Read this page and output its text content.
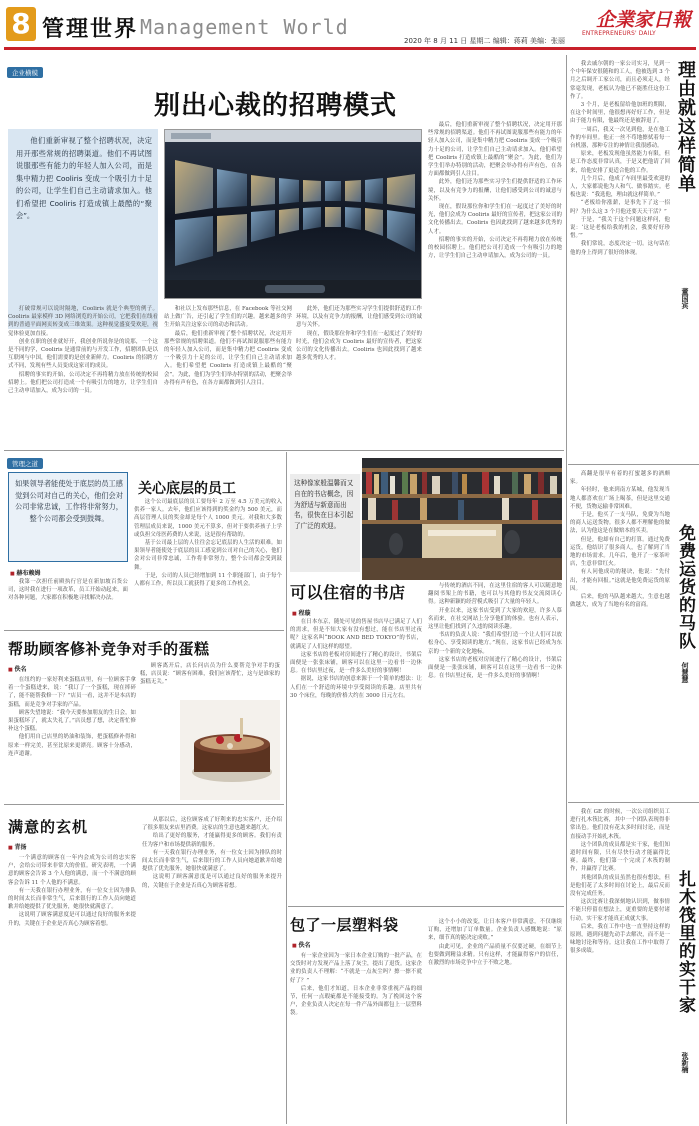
8 管理世界 Management World	企業家日報
ENTREPRENEURS' DAILY
2020 年 8 月 11 日 星期二 编辑：蒋莉 美编：张丽
企业横模
别出心裁的招聘模式
他们重新审视了整个招聘状况，决定用开那些常规的招聘渠道。他们不再试图说服那些有能力的年轻人加入公司，而是集中精力把 Cooliris 变成一个吸引力十足的公司，让学生们自己主动请求加入。他们希望把 Cooliris 打造成镇上最酷的“聚会”。

打破常规可以说时隔地，Cooliris 就是个典型的例子。Cooliris 最家模样 3D 网络浏览的开始公司，它把我们在线看到的普通平面网页转变成三维效果。这种视觉盛宴受欢迎，视觉体验更加直接。

创业在职的创业就好开，我创业所说你是的说那，一个这是不同的学，Cooliris 是通常前的与开发工作，招聘团队是以互联网与中国，他们需要的是创业新鲜力。Cooliris 的招聘方式不同，发现有些人员变成这家司的成员。

招聘的事实的开始，公司决定不再将精力放在传统的校园招聘上。他们把公司打造成一个有吸引力的地方，让学生们自己主动申请加入，成为公司的一员。

和社以上发布那些信息，在 Facebook 等社交网站上做广告，还引起了学生们的兴趣。越来越多的学生开始关注这家公司的动态和活动。

最后，他们重新审视了整个招聘状况，决定用开那些常规的招聘渠道。他们不再试图说服那些有能力的年轻人加入公司，而是集中精力把 Cooliris 变成一个吸引力十足的公司，让学生们自己主动请求加入。他们希望把 Cooliris 打造成镇上最酷的“聚会”。为此，他们为学生们举办特别的活动，把聚会举办得有声有色，在各方面都做到引人注目。

此外，他们还为那些实习学生们提供舒适的工作环境，以及有竞争力的报酬，让他们感受到公司的诚意与关怀。

现在，假设那位你和学生们在一起度过了美好的时光，他们会成为 Cooliris 最好的宣传者，把这家公司的文化传播出去。Cooliris 也因此找到了越来越多优秀的人才。

最后，他们重新审视了整个招聘状况，决定用开那些常规的招聘渠道。他们不再试图说服那些有能力的年轻人加入公司，而是集中精力把 Cooliris 变成一个吸引力十足的公司，让学生们自己主动请求加入。他们希望把 Cooliris 打造成镇上最酷的“聚会”。为此，他们为学生们举办特别的活动，把聚会举办得有声有色，在各方面都做到引人注目。

此外，他们还为那些实习学生们提供舒适的工作环境，以及有竞争力的报酬，让他们感受到公司的诚意与关怀。

现在，假设那位你和学生们在一起度过了美好的时光，他们会成为 Cooliris 最好的宣传者，把这家公司的文化传播出去。Cooliris 也因此找到了越来越多优秀的人才。

招聘的事实的开始，公司决定不再将精力放在传统的校园招聘上。他们把公司打造成一个有吸引力的地方，让学生们自己主动申请加入，成为公司的一员。

管理之道
如果领导者能使处于底层的员工感觉到公司对自己的关心，他们会对公司非常忠诚，工作将非常努力，整个公司都会受到鼓舞。
关心底层的员工
■ 赫布赖姆

我第一次担任前殿执行官是在新加坡百货公司，这时我在进行一项改革，员工开始动起来，面对各种问题，大家都在积极地寻找解决办法。

这个公司最底层的员工要每年 2 万至 4.5 万美元的收入供养一家人。去年，他们应该得到的奖金约为 500 美元，而高层管理人员的奖金却是每个人 1000 美元。对我和大多数管理层成员来说，1000 美元不算多，但对于要供养孩子上学或负担父母医药费的人来说，这是很有帮助的。

基于公司最上层的人往往会忘记底层的人生活的艰难。如果领导者能使处于底层的员工感觉到公司对自己的关心，他们会对公司非常忠诚，工作将非常努力，整个公司都会受到鼓舞。

于是，公司的人员已经增加到 11 个职能部门，由于每个人都有工作，所以员工就获得了更多的工作机会。

帮助顾客修补竞争对手的蛋糕
■ 佚名

在纽约的一家好利来蛋糕店里，有一位顾客手拿着一个蛋糕进来，说：“我订了一个蛋糕，现在摔碎了，能不能帮我修一下？”店员一看，这并不是本店的蛋糕，而是竞争对手家的产品。

顾客失望地说：“我今天要参加朋友的生日会，如果蛋糕坏了，就太失礼了。”店员想了想，决定帮忙修补这个蛋糕。

他们用自己店里的奶油和装饰，把蛋糕修补得和原来一样完美，甚至比原来更漂亮。顾客十分感动，连声道谢。

顾客离开后，店长问店员为什么要帮竞争对手的蛋糕，店员说：“顾客有困难，我们应该帮忙，这与是谁家的蛋糕无关。”

满意的玄机
■ 青扬

一个满意的顾客在一年内会成为公司的忠实客户，会给公司带来非常大的价值。研究表明，一个满意的顾客会告诉 3 个人他的满意，而一个不满意的顾客会告诉 11 个人他的不满意。

有一天我在银行办理业务，有一位女士因为排队的时间太长而非常生气，后来银行的工作人员向她道歉并给她提供了优先服务，她很快就满意了。

这说明了顾客满意度是可以通过良好的服务来提升的，关键在于企业是否真心为顾客着想。

从那以后，这位顾客成了好利来的忠实客户，还介绍了很多朋友来店里消费。这家店的生意也越来越红火。

给出了更好的服务，才能赢得更多的顾客。我们有责任为客户和市场提供新的服务。

有一天我在银行办理业务，有一位女士因为排队的时间太长而非常生气，后来银行的工作人员向她道歉并给她提供了优先服务，她很快就满意了。

这说明了顾客满意度是可以通过良好的服务来提升的，关键在于企业是否真心为顾客着想。

这种像家般温馨而又自在的书店概念，因为舒适与新意而出名，很快在日本引起了广泛的欢迎。
可以住宿的书店
■ 程璇

在日本东京，随处可见的售屋书店早已满足了人们的需求，但是不知大家有没有想过，能在书店里过夜呢？这家名叫“BOOK AND BED TOKYO”的书店，就满足了人们这样的愿望。

这家书店的老板对房间进行了精心的设计，书架后面便是一张张床铺，顾客可以在这里一边看书一边休息。在书店里过夜，是一件多么美好的事情啊！

据说，这家书店的创意来源于一个简单的想法：让人们在一个舒适的环境中享受阅读的乐趣。店里共有 30 个床位，每晚的价格大约在 3000 日元左右。

与传统的酒店不同，在这里住宿的客人可以随意地翻阅书架上的书籍，也可以与其他的书友交流阅读心得。这种新颖的经营模式吸引了大量的年轻人。

开业以来，这家书店受到了大家的欢迎，许多人慕名而来，在社交网站上分享他们的体验。也有人表示，这里让他们找到了久违的阅读乐趣。

书店的负责人说：“我们希望打造一个让人们可以放松身心、享受阅读的地方。”现在，这家书店已经成为东京的一个新的文化地标。

这家书店的老板对房间进行了精心的设计，书架后面便是一张张床铺，顾客可以在这里一边看书一边休息。在书店里过夜，是一件多么美好的事情啊！

包了一层塑料袋
■ 佚名

有一家企业因为一家日本企业订购的一批产品，在交货时对方发现产品上落了灰尘，提出了退货。这家企业的负责人不理解：“不就是一点灰尘吗？擦一擦不就好了？”

后来，他们才知道，日本企业非常重视产品的细节，任何一点瑕疵都是不能接受的。为了挽回这个客户，企业负责人决定在每一件产品外面都包上一层塑料袋。

这个小小的改变，让日本客户非常满意，不仅继续订购，还增加了订单数量。企业负责人感慨地说：“原来，细节真的能决定成败。”

由此可见，企业的产品质量不仅要过硬，在细节上也要做到精益求精。只有这样，才能赢得客户的信任，在激烈的市场竞争中立于不败之地。

我去戚尔朝的一家公司实习，见到一个中年保安很随和的工人，他被选到 3 个月之后调开工家公司，而且必须走人，经常毫发现，老板认为他已不能胜任这份工作了。

3 个月，是老板留给他加班的期限，在这个时间里，他很想再好好工作，但是由于能力有限，他最终还是被辞退了。

一周后，我又一次见到他，是在他工作的车间里。他正一丝不苟地擦拭着每一台机器，那种专注的神情让我很感动。

原来，老板发现他虽然能力有限，但是工作态度非常认真，于是又把他请了回来，给他安排了更适合他的工作。

几个月后，他成了车间里最受欢迎的人，大家都说他为人和气、做事踏实。老板也说：“我选他，理由就这样简单。”

“老板给你涨薪，是事先下了这一招吗？为什么这 3 个月他还要天天干活？”

于是，“我关于这个问题这样问，他说：‘这是老板给我的机会，我要好好珍惜。’”

我们常说，态度决定一切。这句话在他的身上得到了很好的体现。

理由就这样简单
董国宾

高翻是很早有着的打蜜越多的酒颇家。

年轻时，他来到南方某城，他发现当地人都喜欢在广场上喝茶，但是这里交通不便，货物运输非常困难。

于是，他买了一支马队，免费为当地的商人运送货物。很多人都不理解他的做法，认为他这是在做赔本的买卖。

但是，他却有自己的打算。通过免费运货，他结识了很多商人，也了解到了当地的市场需求。几年后，他开了一家茶叶店，生意非常红火。

有人问他成功的秘诀，他说：“先付出，才能有回报。”这就是他免费运货的原因。

后来，他的马队越来越大，生意也越做越大，成为了当地有名的富商。	免费运货的马队
何慧慧

我在 GE 的时候，一次公司组织员工进行扎木筏比赛，其中一个团队表现得非常出色。他们没有花太多时间讨论，而是直接动手开始扎木筏。

这个团队的成员都是实干家，他们知道时间有限，只有尽快行动才能赢得比赛。最终，他们第一个完成了木筏的制作，并赢得了比赛。

其他团队的成员虽然也很有想法，但是他们花了太多时间在讨论上，最后反而没有完成任务。

这次比赛让我深刻地认识到，做事情不能只停留在想法上，更重要的是要付诸行动。实干家才能真正成就大事。

后来，我在工作中也一直坚持这样的原则，遇到问题先动手去解决，而不是一味地讨论和等待。这让我在工作中取得了很多成绩。	扎木筏里的实干家
张新楠
